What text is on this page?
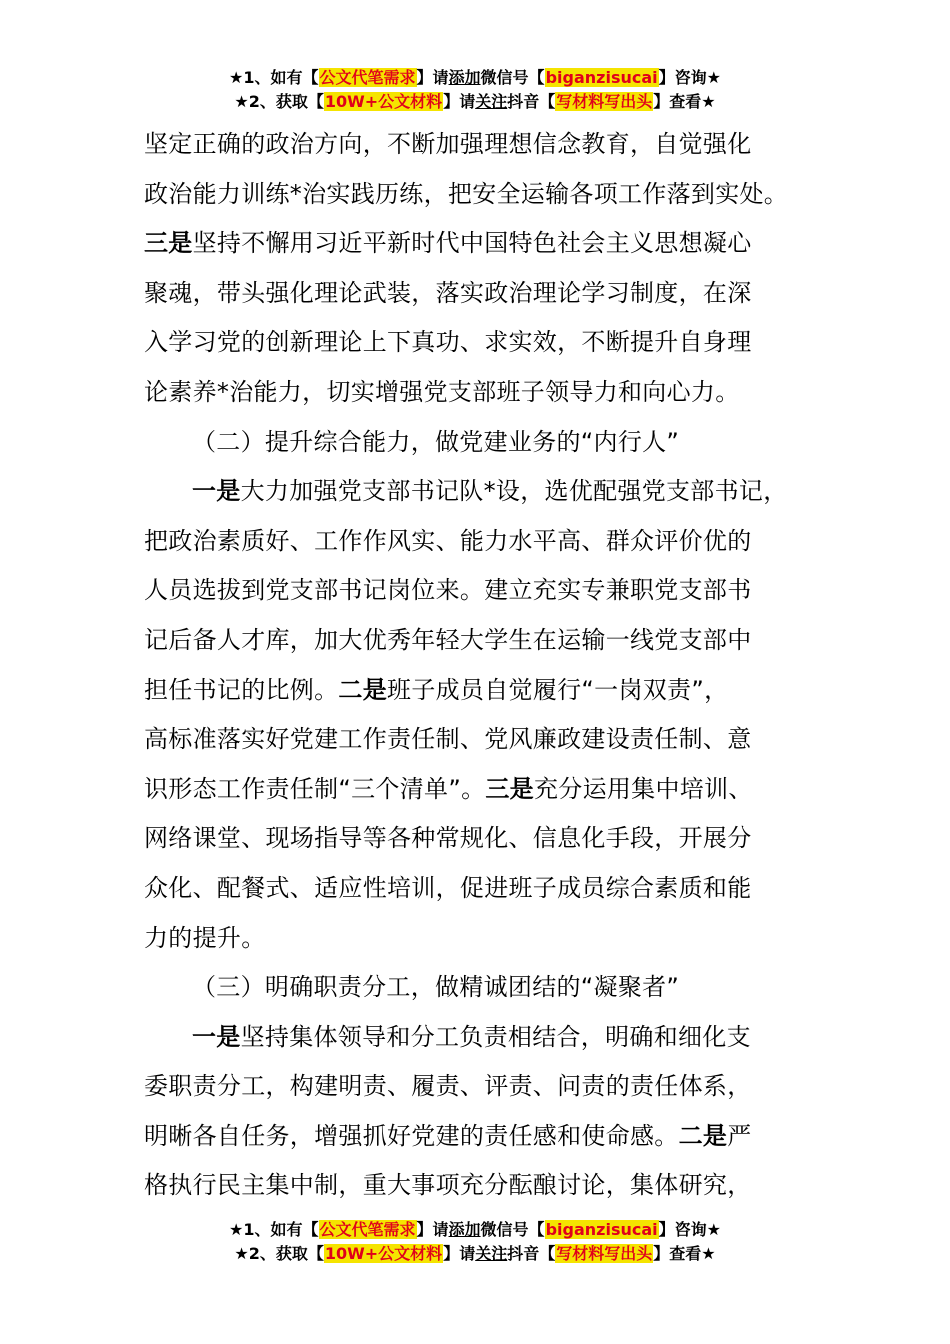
★1、如有【公文代笔需求】请添加微信号【biganzisucai】咨询★
★2、获取【10W+公文材料】请关注抖音【写材料写出头】查看★

坚定正确的政治方向，不断加强理想信念教育，自觉强化

政治能力训练*治实践历练，把安全运输各项工作落到实处。

三是坚持不懈用习近平新时代中国特色社会主义思想凝心

聚魂，带头强化理论武装，落实政治理论学习制度，在深

入学习党的创新理论上下真功、求实效，不断提升自身理

论素养*治能力，切实增强党支部班子领导力和向心力。

（二）提升综合能力，做党建业务的“内行人”

一是大力加强党支部书记队*设，选优配强党支部书记，

把政治素质好、工作作风实、能力水平高、群众评价优的

人员选拔到党支部书记岗位来。建立充实专兼职党支部书

记后备人才库，加大优秀年轻大学生在运输一线党支部中

担任书记的比例。二是班子成员自觉履行“一岗双责”，

高标准落实好党建工作责任制、党风廉政建设责任制、意

识形态工作责任制“三个清单”。三是充分运用集中培训、

网络课堂、现场指导等各种常规化、信息化手段，开展分

众化、配餐式、适应性培训，促进班子成员综合素质和能

力的提升。

（三）明确职责分工，做精诚团结的“凝聚者”

一是坚持集体领导和分工负责相结合，明确和细化支

委职责分工，构建明责、履责、评责、问责的责任体系，

明晰各自任务，增强抓好党建的责任感和使命感。二是严

格执行民主集中制，重大事项充分酝酿讨论，集体研究，

★1、如有【公文代笔需求】请添加微信号【biganzisucai】咨询★
★2、获取【10W+公文材料】请关注抖音【写材料写出头】查看★
